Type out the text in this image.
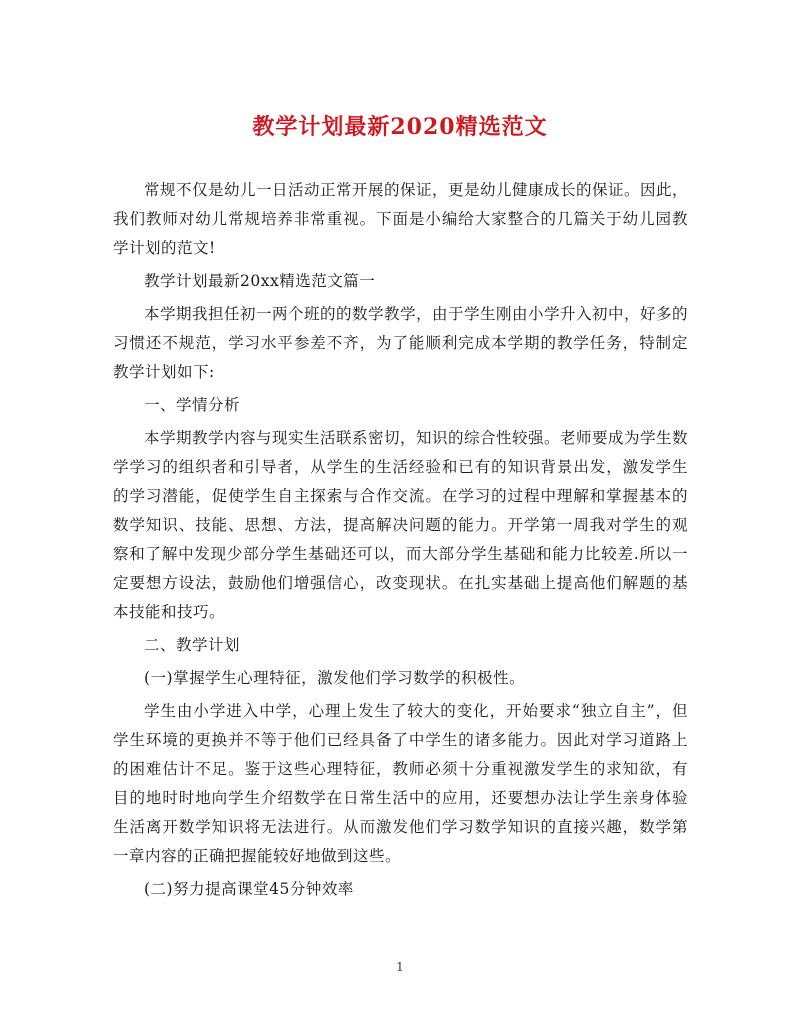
教学计划最新2020精选范文

常规不仅是幼儿一日活动正常开展的保证，更是幼儿健康成长的保证。因此，我们教师对幼儿常规培养非常重视。下面是小编给大家整合的几篇关于幼儿园教学计划的范文!

教学计划最新20xx精选范文篇一

本学期我担任初一两个班的的数学教学，由于学生刚由小学升入初中，好多的习惯还不规范，学习水平参差不齐，为了能顺利完成本学期的教学任务，特制定教学计划如下:

一、学情分析

本学期教学内容与现实生活联系密切，知识的综合性较强。老师要成为学生数学学习的组织者和引导者，从学生的生活经验和已有的知识背景出发，激发学生的学习潜能，促使学生自主探索与合作交流。在学习的过程中理解和掌握基本的数学知识、技能、思想、方法，提高解决问题的能力。开学第一周我对学生的观察和了解中发现少部分学生基础还可以，而大部分学生基础和能力比较差.所以一定要想方设法，鼓励他们增强信心，改变现状。在扎实基础上提高他们解题的基本技能和技巧。

二、教学计划

(一)掌握学生心理特征，激发他们学习数学的积极性。

学生由小学进入中学，心理上发生了较大的变化，开始要求“独立自主”，但学生环境的更换并不等于他们已经具备了中学生的诸多能力。因此对学习道路上的困难估计不足。鉴于这些心理特征，教师必须十分重视激发学生的求知欲，有目的地时时地向学生介绍数学在日常生活中的应用，还要想办法让学生亲身体验生活离开数学知识将无法进行。从而激发他们学习数学知识的直接兴趣，数学第一章内容的正确把握能较好地做到这些。

(二)努力提高课堂45分钟效率

1
